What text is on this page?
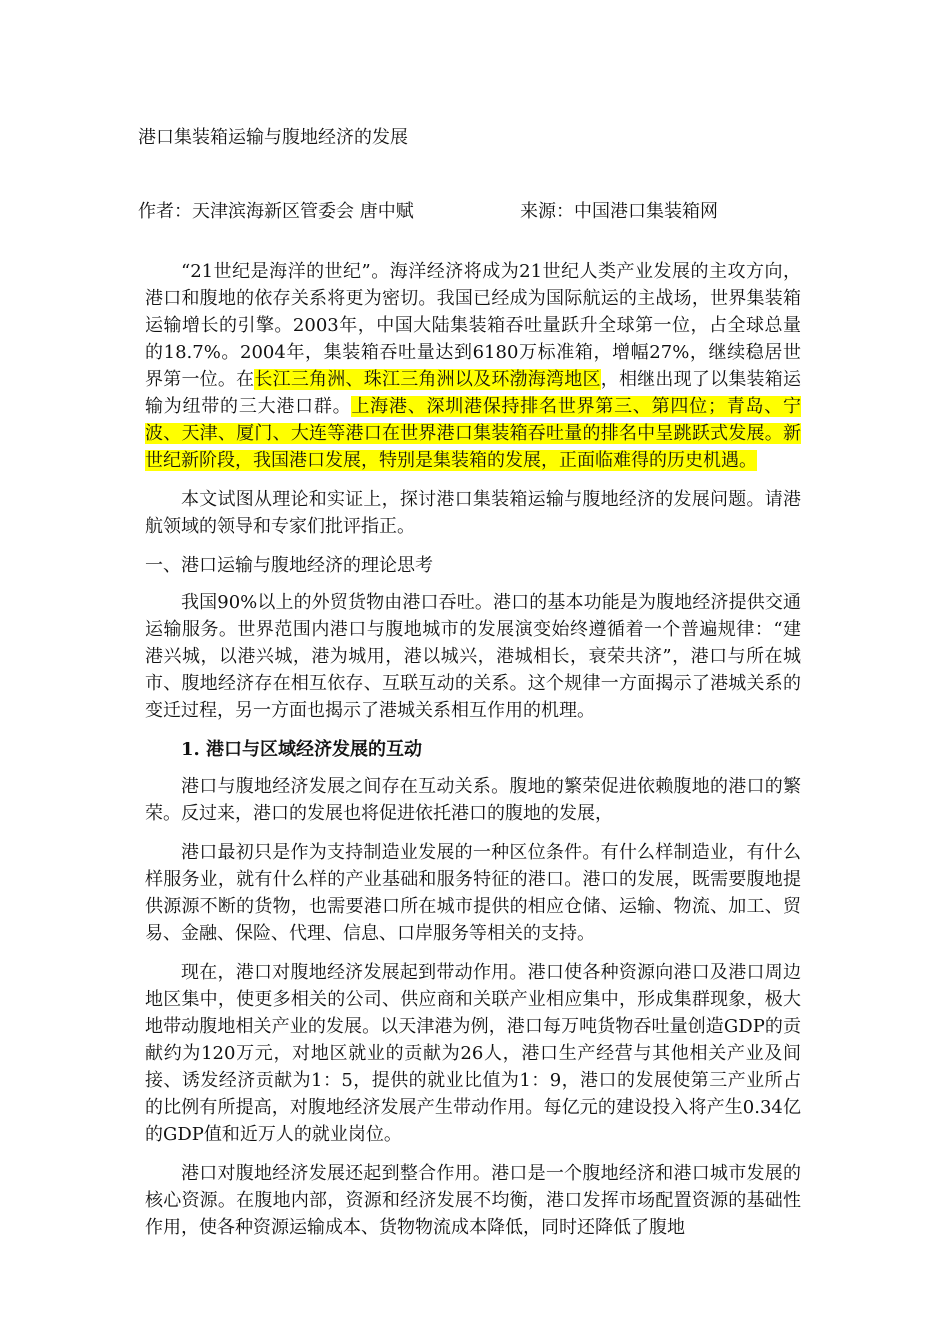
港口集装箱运输与腹地经济的发展
作者：天津滨海新区管委会 唐中赋	来源：中国港口集装箱网

“21世纪是海洋的世纪”。海洋经济将成为21世纪人类产业发展的主攻方向，港口和腹地的依存关系将更为密切。我国已经成为国际航运的主战场，世界集装箱运输增长的引擎。2003年，中国大陆集装箱吞吐量跃升全球第一位，占全球总量的18.7%。2004年，集装箱吞吐量达到6180万标准箱，增幅27%，继续稳居世界第一位。在长江三角洲、珠江三角洲以及环渤海湾地区，相继出现了以集装箱运输为纽带的三大港口群。上海港、深圳港保持排名世界第三、第四位；青岛、宁波、天津、厦门、大连等港口在世界港口集装箱吞吐量的排名中呈跳跃式发展。新世纪新阶段，我国港口发展，特别是集装箱的发展，正面临难得的历史机遇。

本文试图从理论和实证上，探讨港口集装箱运输与腹地经济的发展问题。请港航领域的领导和专家们批评指正。

一、港口运输与腹地经济的理论思考

我国90%以上的外贸货物由港口吞吐。港口的基本功能是为腹地经济提供交通运输服务。世界范围内港口与腹地城市的发展演变始终遵循着一个普遍规律：“建港兴城，以港兴城，港为城用，港以城兴，港城相长，衰荣共济”，港口与所在城市、腹地经济存在相互依存、互联互动的关系。这个规律一方面揭示了港城关系的变迁过程，另一方面也揭示了港城关系相互作用的机理。

1. 港口与区域经济发展的互动

港口与腹地经济发展之间存在互动关系。腹地的繁荣促进依赖腹地的港口的繁荣。反过来，港口的发展也将促进依托港口的腹地的发展，

港口最初只是作为支持制造业发展的一种区位条件。有什么样制造业，有什么样服务业，就有什么样的产业基础和服务特征的港口。港口的发展，既需要腹地提供源源不断的货物，也需要港口所在城市提供的相应仓储、运输、物流、加工、贸易、金融、保险、代理、信息、口岸服务等相关的支持。

现在，港口对腹地经济发展起到带动作用。港口使各种资源向港口及港口周边地区集中，使更多相关的公司、供应商和关联产业相应集中，形成集群现象，极大地带动腹地相关产业的发展。以天津港为例，港口每万吨货物吞吐量创造GDP的贡献约为120万元，对地区就业的贡献为26人，港口生产经营与其他相关产业及间接、诱发经济贡献为1：5，提供的就业比值为1：9，港口的发展使第三产业所占的比例有所提高，对腹地经济发展产生带动作用。每亿元的建设投入将产生0.34亿的GDP值和近万人的就业岗位。

港口对腹地经济发展还起到整合作用。港口是一个腹地经济和港口城市发展的核心资源。在腹地内部，资源和经济发展不均衡，港口发挥市场配置资源的基础性作用，使各种资源运输成本、货物物流成本降低，同时还降低了腹地
